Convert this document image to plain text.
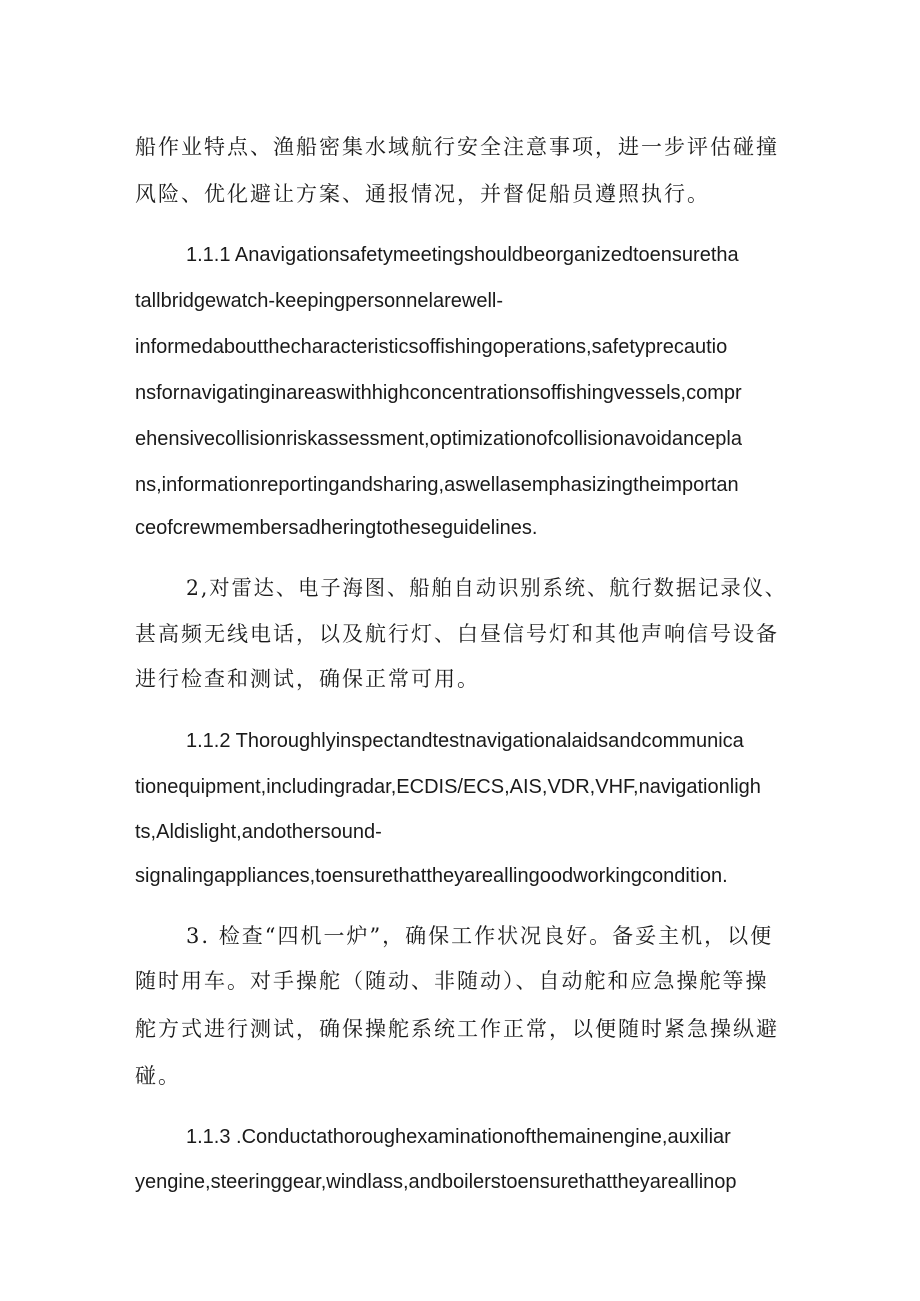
船作业特点、渔船密集水域航行安全注意事项，进一步评估碰撞
风险、优化避让方案、通报情况，并督促船员遵照执行。
1.1.1 Anavigationsafetymeetingshouldbeorganizedtoensuretha
tallbridgewatch-keepingpersonnelarewell-
informedaboutthecharacteristicsoffishingoperations,safetyprecautio
nsfornavigatinginareaswithhighconcentrationsoffishingvessels,compr
ehensivecollisionriskassessment,optimizationofcollisionavoidancepla
ns,informationreportingandsharing,aswellasemphasizingtheimportan
ceofcrewmembersadheringtotheseguidelines.
2,对雷达、电子海图、船舶自动识别系统、航行数据记录仪、
甚高频无线电话，以及航行灯、白昼信号灯和其他声响信号设备
进行检查和测试，确保正常可用。
1.1.2 Thoroughlyinspectandtestnavigationalaidsandcommunica
tionequipment,includingradar,ECDIS/ECS,AIS,VDR,VHF,navigationligh
ts,Aldislight,andothersound-
signalingappliances,toensurethattheyareallingoodworkingcondition.
3. 检查“四机一炉”，确保工作状况良好。备妥主机，以便
随时用车。对手操舵（随动、非随动）、自动舵和应急操舵等操
舵方式进行测试，确保操舵系统工作正常，以便随时紧急操纵避
碰。
1.1.3 .Conductathoroughexaminationofthemainengine,auxiliar
yengine,steeringgear,windlass,andboilerstoensurethattheyareallinop
